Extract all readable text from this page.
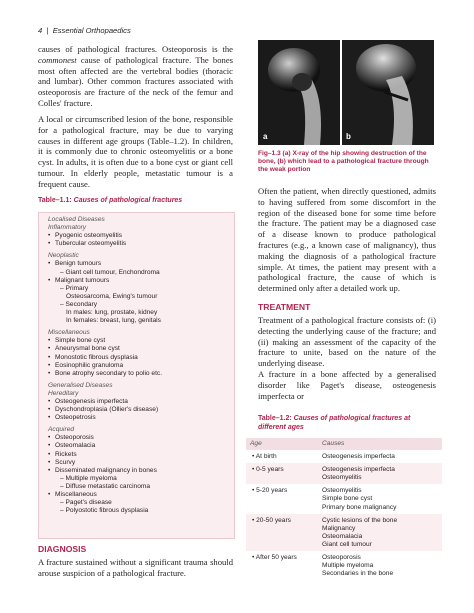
4 | Essential Orthopaedics
causes of pathological fractures. Osteoporosis is the commonest cause of pathological fracture. The bones most often affected are the vertebral bodies (thoracic and lumbar). Other common fractures associated with osteoporosis are fracture of the neck of the femur and Colles' fracture.
A local or circumscribed lesion of the bone, responsible for a pathological fracture, may be due to varying causes in different age groups (Table–1.2). In children, it is commonly due to chronic osteomyelitis or a bone cyst. In adults, it is often due to a bone cyst or giant cell tumour. In elderly people, metastatic tumour is a frequent cause.
Table–1.1: Causes of pathological fractures
Localised Diseases
Inflammatory
• Pyogenic osteomyelitis
• Tubercular osteomyelitis
Neoplastic
• Benign tumours
– Giant cell tumour, Enchondroma
• Malignant tumours
– Primary
Osteosarcoma, Ewing's tumour
– Secondary
In males: lung, prostate, kidney
In females: breast, lung, genitals
Miscellaneous
• Simple bone cyst
• Aneurysmal bone cyst
• Monostotic fibrous dysplasia
• Eosinophilic granuloma
• Bone atrophy secondary to polio etc.
Generalised Diseases
Hereditary
• Osteogenesis imperfecta
• Dyschondroplasia (Ollier's disease)
• Osteopetrosis
Acquired
• Osteoporosis
• Osteomalacia
• Rickets
• Scurvy
• Disseminated malignancy in bones
– Multiple myeloma
– Diffuse metastatic carcinoma
• Miscellaneous
– Paget's disease
– Polyostotic fibrous dysplasia
DIAGNOSIS
A fracture sustained without a significant trauma should arouse suspicion of a pathological fracture.
a	b
Fig–1.3 (a) X-ray of the hip showing destruction of the bone, (b) which lead to a pathological fracture through the weak portion
Often the patient, when directly questioned, admits to having suffered from some discomfort in the region of the diseased bone for some time before the fracture. The patient may be a diagnosed case of a disease known to produce pathological fractures (e.g., a known case of malignancy), thus making the diagnosis of a pathological fracture simple. At times, the patient may present with a pathological fracture, the cause of which is determined only after a detailed work up.
TREATMENT
Treatment of a pathological fracture consists of: (i) detecting the underlying cause of the fracture; and (ii) making an assessment of the capacity of the fracture to unite, based on the nature of the underlying disease.
A fracture in a bone affected by a generalised disorder like Paget's disease, osteogenesis imperfecta or
Table–1.2: Causes of pathological fractures at different ages
Age	Causes
• At birth	Osteogenesis imperfecta
• 0-5 years	Osteogenesis imperfecta
Osteomyelitis
• 5-20 years	Osteomyelitis
Simple bone cyst
Primary bone malignancy
• 20-50 years	Cystic lesions of the bone
Malignancy
Osteomalacia
Giant cell tumour
• After 50 years	Osteoporosis
Multiple myeloma
Secondaries in the bone
